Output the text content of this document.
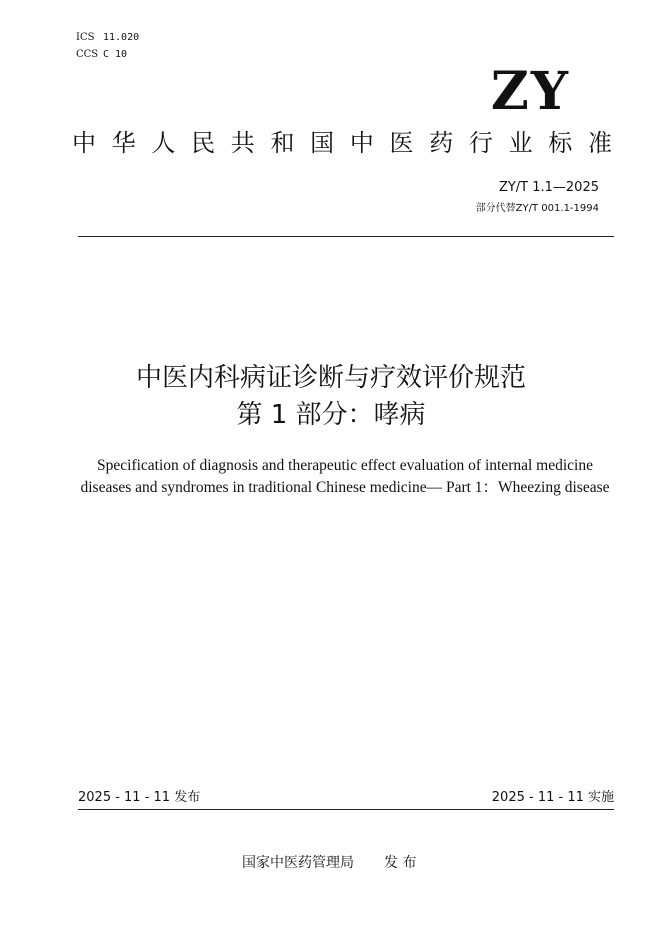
ICS 11.020
CCS C 10
ZY
中 华 人 民 共 和 国 中 医 药 行 业 标 准
ZY/T 1.1—2025
部分代替ZY/T 001.1-1994
中医内科病证诊断与疗效评价规范
第 1 部分：哮病
Specification of diagnosis and therapeutic effect evaluation of internal medicine
diseases and syndromes in traditional Chinese medicine— Part 1：Wheezing disease
2025 - 11 - 11 发布	2025 - 11 - 11 实施
国家中医药管理局 发 布
